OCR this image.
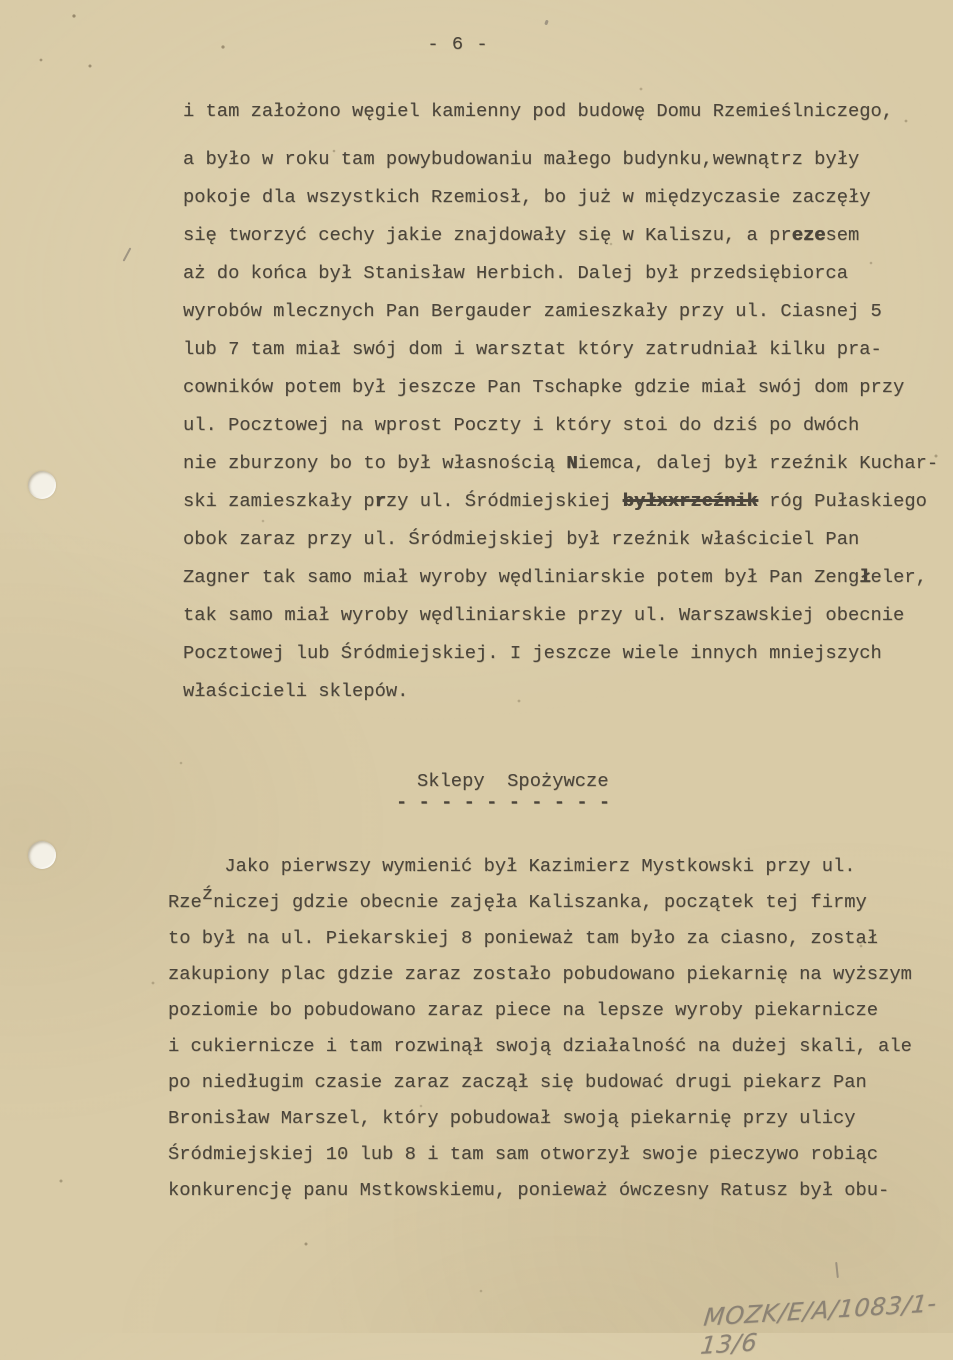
- 6 -
i tam założono węgiel kamienny pod budowę Domu Rzemieślniczego,
a było w roku tam powybudowaniu małego budynku,wewnątrz były
pokoje dla wszystkich Rzemiosł, bo już w międzyczasie zaczęły
się tworzyć cechy jakie znajdowały się w Kaliszu, a prezesem
aż do końca był Stanisław Herbich. Dalej był przedsiębiorca
wyrobów mlecznych Pan Bergauder zamieszkały przy ul. Ciasnej 5
lub 7 tam miał swój dom i warsztat który zatrudniał kilku pra-
cowników potem był jeszcze Pan Tschapke gdzie miał swój dom przy
ul. Pocztowej na wprost Poczty i który stoi do dziś po dwóch
nie zburzony bo to był własnością Niemca, dalej był rzeźnik Kuchar-
ski zamieszkały przy ul. Śródmiejskiej byłxxrzeźnik róg Pułaskiego
obok zaraz przy ul. Śródmiejskiej był rzeźnik właściciel Pan
Zagner tak samo miał wyroby wędliniarskie potem był Pan Zengłeler,
tak samo miał wyroby wędliniarskie przy ul. Warszawskiej obecnie
Pocztowej lub Śródmiejskiej. I jeszcze wiele innych mniejszych
właścicieli sklepów.
Sklepy  Spożywcze
- - - - - - - - - -
Jako pierwszy wymienić był Kazimierz Mystkowski przy ul.
Rzeźniczej gdzie obecnie zajęła Kaliszanka, początek tej firmy
to był na ul. Piekarskiej 8 ponieważ tam było za ciasno, został
zakupiony plac gdzie zaraz zostało pobudowano piekarnię na wyższym
poziomie bo pobudowano zaraz piece na lepsze wyroby piekarnicze
i cukiernicze i tam rozwinął swoją działalność na dużej skali, ale
po niedługim czasie zaraz zaczął się budować drugi piekarz Pan
Bronisław Marszel, który pobudował swoją piekarnię przy ulicy
Śródmiejskiej 10 lub 8 i tam sam otworzył swoje pieczywo robiąc
konkurencję panu Mstkowskiemu, ponieważ ówczesny Ratusz był obu-
MOZK/E/A/1083/1-13/6
